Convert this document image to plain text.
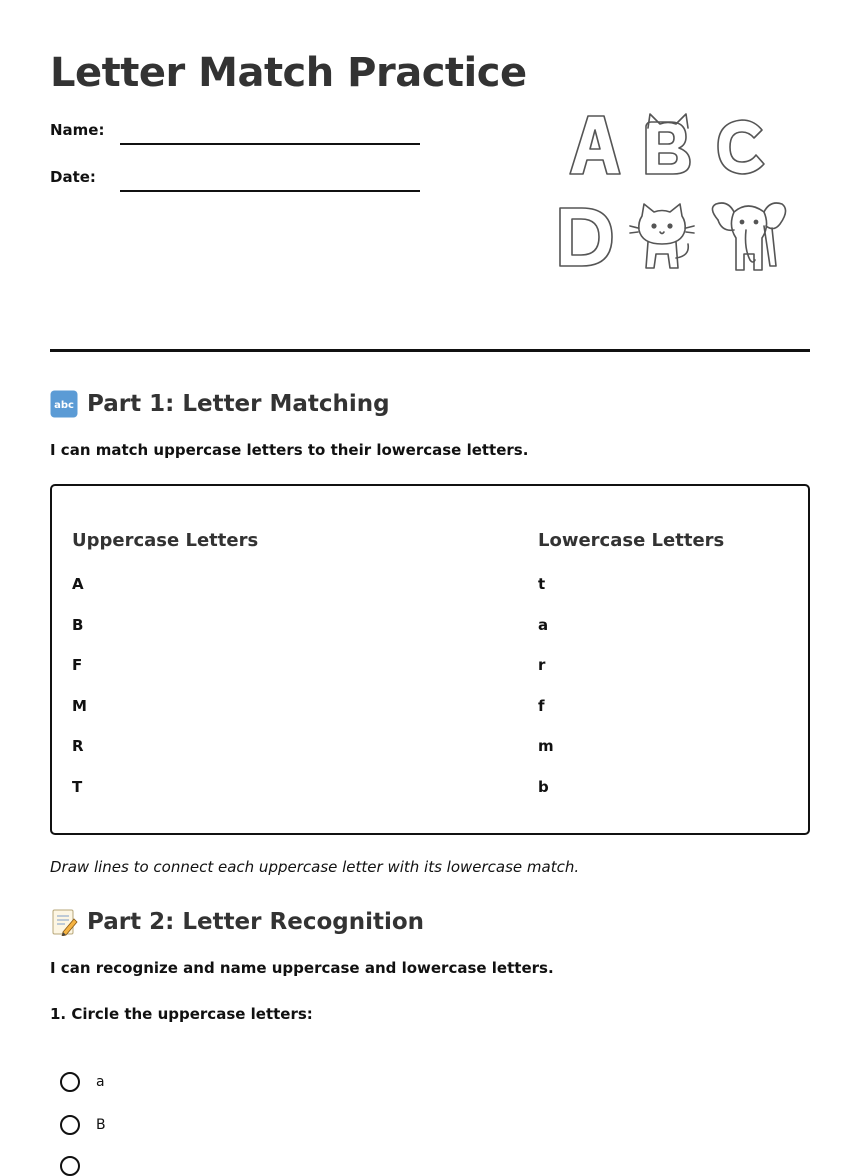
Letter Match Practice
Name:
Date:
abc Part 1: Letter Matching
I can match uppercase letters to their lowercase letters.
Uppercase Letters	Lowercase Letters
A
B
F
M
R
T
t
a
r
f
m
b
Draw lines to connect each uppercase letter with its lowercase match.
Part 2: Letter Recognition
I can recognize and name uppercase and lowercase letters.
1. Circle the uppercase letters:
a
B
